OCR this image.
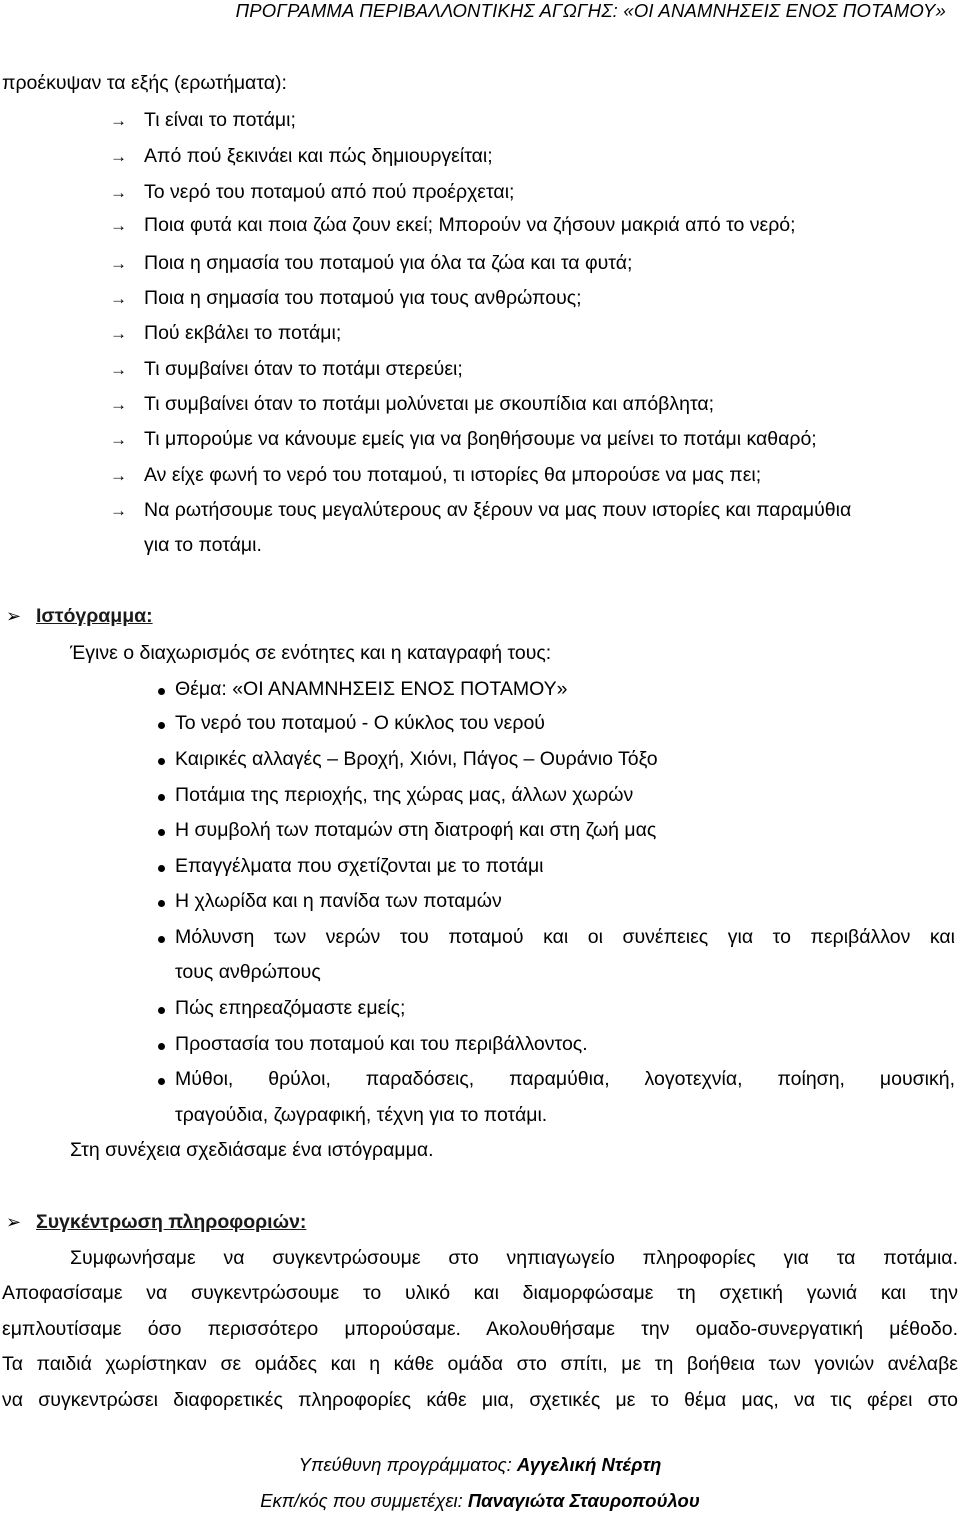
ΠΡΟΓΡΑΜΜΑ ΠΕΡΙΒΑΛΛΟΝΤΙΚΗΣ ΑΓΩΓΗΣ: «ΟΙ ΑΝΑΜΝΗΣΕΙΣ ΕΝΟΣ ΠΟΤΑΜΟΥ»
προέκυψαν τα εξής (ερωτήματα):
→ Τι είναι το ποτάμι;
→ Από πού ξεκινάει και πώς δημιουργείται;
→ Το νερό του ποταμού από πού προέρχεται;
→ Ποια φυτά και ποια ζώα ζουν εκεί; Μπορούν να ζήσουν μακριά από το νερό;
→ Ποια η σημασία του ποταμού για όλα τα ζώα και τα φυτά;
→ Ποια η σημασία του ποταμού για τους ανθρώπους;
→ Πού εκβάλει το ποτάμι;
→ Τι συμβαίνει όταν το ποτάμι στερεύει;
→ Τι συμβαίνει όταν το ποτάμι μολύνεται με σκουπίδια και απόβλητα;
→ Τι μπορούμε να κάνουμε εμείς για να βοηθήσουμε να μείνει το ποτάμι καθαρό;
→ Αν είχε φωνή το νερό του ποταμού, τι ιστορίες θα μπορούσε να μας πει;
→ Να ρωτήσουμε τους μεγαλύτερους αν ξέρουν να μας πουν ιστορίες και παραμύθια
για το ποτάμι.
➢ Ιστόγραμμα:
Έγινε ο διαχωρισμός σε ενότητες και η καταγραφή τους:
Θέμα: «ΟΙ ΑΝΑΜΝΗΣΕΙΣ ΕΝΟΣ ΠΟΤΑΜΟΥ»
Το νερό του ποταμού - Ο κύκλος του νερού
Καιρικές αλλαγές – Βροχή, Χιόνι, Πάγος – Ουράνιο Τόξο
Ποτάμια της περιοχής, της χώρας μας, άλλων χωρών
Η συμβολή των ποταμών στη διατροφή και στη ζωή μας
Επαγγέλματα που σχετίζονται με το ποτάμι
Η χλωρίδα και η πανίδα των ποταμών
Μόλυνση των νερών του ποταμού και οι συνέπειες για το περιβάλλον και
τους ανθρώπους
Πώς επηρεαζόμαστε εμείς;
Προστασία του ποταμού και του περιβάλλοντος.
Μύθοι, θρύλοι, παραδόσεις, παραμύθια, λογοτεχνία, ποίηση, μουσική,
τραγούδια, ζωγραφική, τέχνη για το ποτάμι.
Στη συνέχεια σχεδιάσαμε ένα ιστόγραμμα.
➢ Συγκέντρωση πληροφοριών:
Συμφωνήσαμε να συγκεντρώσουμε στο νηπιαγωγείο πληροφορίες για τα ποτάμια.
Αποφασίσαμε να συγκεντρώσουμε το υλικό και διαμορφώσαμε τη σχετική γωνιά και την
εμπλουτίσαμε όσο περισσότερο μπορούσαμε. Ακολουθήσαμε την ομαδο-συνεργατική μέθοδο.
Τα παιδιά χωρίστηκαν σε ομάδες και η κάθε ομάδα στο σπίτι, με τη βοήθεια των γονιών ανέλαβε
να συγκεντρώσει διαφορετικές πληροφορίες κάθε μια, σχετικές με το θέμα μας, να τις φέρει στο
Υπεύθυνη προγράμματος: Αγγελική Ντέρτη
Εκπ/κός που συμμετέχει: Παναγιώτα Σταυροπούλου
